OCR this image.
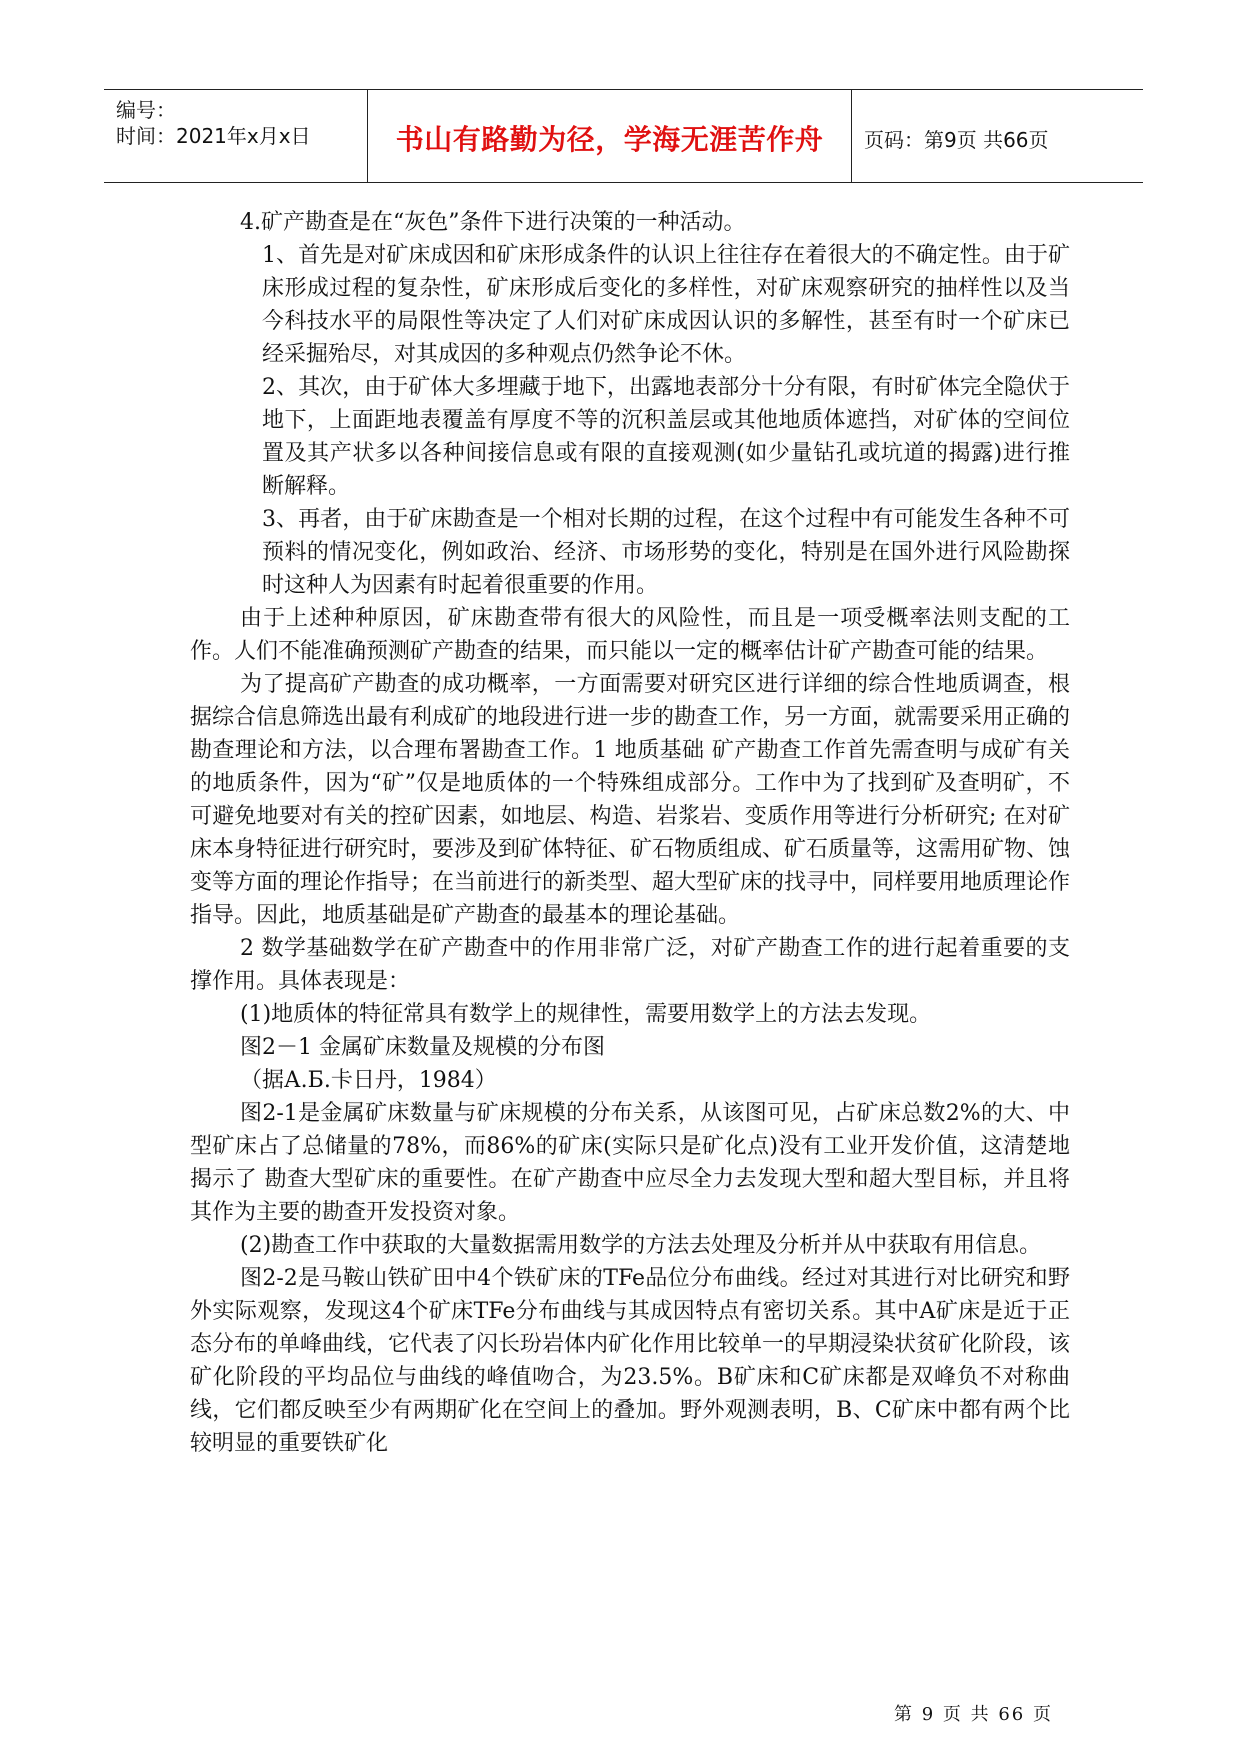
编号：
时间：2021年x月x日	书山有路勤为径，学海无涯苦作舟	页码：第9页 共66页

4.矿产勘查是在“灰色”条件下进行决策的一种活动。

1、首先是对矿床成因和矿床形成条件的认识上往往存在着很大的不确定性。由于矿床形成过程的复杂性，矿床形成后变化的多样性，对矿床观察研究的抽样性以及当今科技水平的局限性等决定了人们对矿床成因认识的多解性，甚至有时一个矿床已经采掘殆尽，对其成因的多种观点仍然争论不休。

2、其次，由于矿体大多埋藏于地下，出露地表部分十分有限，有时矿体完全隐伏于地下，上面距地表覆盖有厚度不等的沉积盖层或其他地质体遮挡，对矿体的空间位置及其产状多以各种间接信息或有限的直接观测(如少量钻孔或坑道的揭露)进行推断解释。

3、再者，由于矿床勘查是一个相对长期的过程，在这个过程中有可能发生各种不可预料的情况变化，例如政治、经济、市场形势的变化，特别是在国外进行风险勘探时这种人为因素有时起着很重要的作用。

由于上述种种原因，矿床勘查带有很大的风险性，而且是一项受概率法则支配的工作。人们不能准确预测矿产勘查的结果，而只能以一定的概率估计矿产勘查可能的结果。

为了提高矿产勘查的成功概率，一方面需要对研究区进行详细的综合性地质调查，根据综合信息筛选出最有利成矿的地段进行进一步的勘查工作，另一方面，就需要采用正确的勘查理论和方法，以合理布署勘查工作。1 地质基础 矿产勘查工作首先需查明与成矿有关的地质条件，因为“矿”仅是地质体的一个特殊组成部分。工作中为了找到矿及查明矿，不可避免地要对有关的控矿因素，如地层、构造、岩浆岩、变质作用等进行分析研究; 在对矿床本身特征进行研究时，要涉及到矿体特征、矿石物质组成、矿石质量等，这需用矿物、蚀变等方面的理论作指导；在当前进行的新类型、超大型矿床的找寻中，同样要用地质理论作指导。因此，地质基础是矿产勘查的最基本的理论基础。

2 数学基础数学在矿产勘查中的作用非常广泛，对矿产勘查工作的进行起着重要的支撑作用。具体表现是：

(1)地质体的特征常具有数学上的规律性，需要用数学上的方法去发现。

图2－1 金属矿床数量及规模的分布图

（据А.Б.卡日丹，1984）

图2-1是金属矿床数量与矿床规模的分布关系，从该图可见，占矿床总数2%的大、中型矿床占了总储量的78%，而86%的矿床(实际只是矿化点)没有工业开发价值，这清楚地揭示了 勘查大型矿床的重要性。在矿产勘查中应尽全力去发现大型和超大型目标，并且将其作为主要的勘查开发投资对象。

(2)勘查工作中获取的大量数据需用数学的方法去处理及分析并从中获取有用信息。

图2-2是马鞍山铁矿田中4个铁矿床的TFe品位分布曲线。经过对其进行对比研究和野外实际观察，发现这4个矿床TFe分布曲线与其成因特点有密切关系。其中A矿床是近于正态分布的单峰曲线，它代表了闪长玢岩体内矿化作用比较单一的早期浸染状贫矿化阶段，该矿化阶段的平均品位与曲线的峰值吻合，为23.5%。B矿床和C矿床都是双峰负不对称曲线，它们都反映至少有两期矿化在空间上的叠加。野外观测表明，B、C矿床中都有两个比较明显的重要铁矿化

第 9 页 共 66 页
